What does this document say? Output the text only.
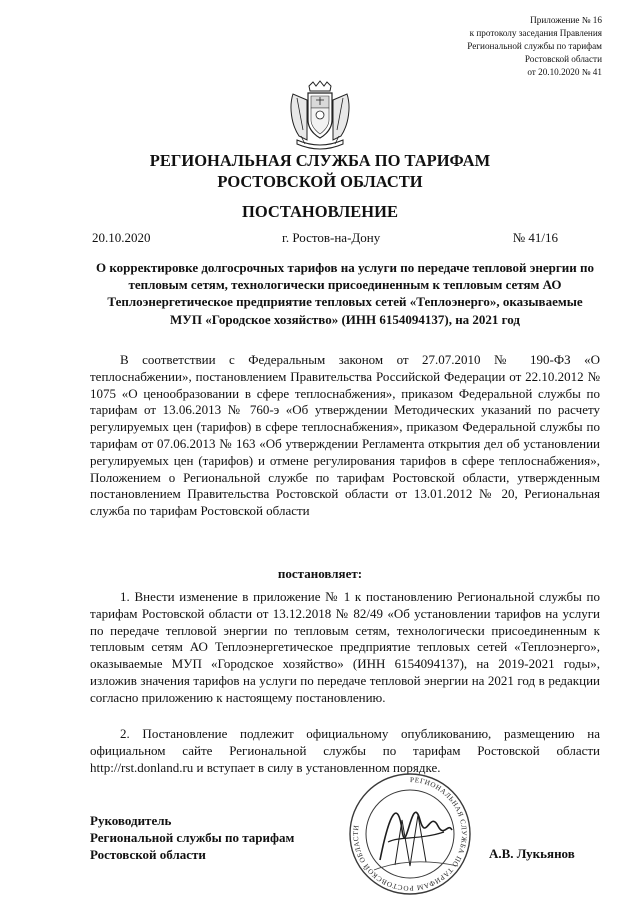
Приложение № 16
к протоколу заседания Правления
Региональной службы по тарифам
Ростовской области
от 20.10.2020 № 41
РЕГИОНАЛЬНАЯ СЛУЖБА ПО ТАРИФАМ
РОСТОВСКОЙ ОБЛАСТИ
ПОСТАНОВЛЕНИЕ
20.10.2020	г. Ростов-на-Дону	№ 41/16
О корректировке долгосрочных тарифов на услуги по передаче тепловой энергии по тепловым сетям, технологически присоединенным к тепловым сетям АО Теплоэнергетическое предприятие тепловых сетей «Теплоэнерго», оказываемые МУП «Городское хозяйство» (ИНН 6154094137), на 2021 год
В соответствии с Федеральным законом от 27.07.2010 № 190-ФЗ «О теплоснабжении», постановлением Правительства Российской Федерации от 22.10.2012 № 1075 «О ценообразовании в сфере теплоснабжения», приказом Федеральной службы по тарифам от 13.06.2013 № 760-э «Об утверждении Методических указаний по расчету регулируемых цен (тарифов) в сфере теплоснабжения», приказом Федеральной службы по тарифам от 07.06.2013 № 163 «Об утверждении Регламента открытия дел об установлении регулируемых цен (тарифов) и отмене регулирования тарифов в сфере теплоснабжения», Положением о Региональной службе по тарифам Ростовской области, утвержденным постановлением Правительства Ростовской области от 13.01.2012 № 20, Региональная служба по тарифам Ростовской области
постановляет:
1. Внести изменение в приложение № 1 к постановлению Региональной службы по тарифам Ростовской области от 13.12.2018 № 82/49 «Об установлении тарифов на услуги по передаче тепловой энергии по тепловым сетям, технологически присоединенным к тепловым сетям АО Теплоэнергетическое предприятие тепловых сетей «Теплоэнерго», оказываемые МУП «Городское хозяйство» (ИНН 6154094137), на 2019-2021 годы», изложив значения тарифов на услуги по передаче тепловой энергии на 2021 год в редакции согласно приложению к настоящему постановлению.
2. Постановление подлежит официальному опубликованию, размещению на официальном сайте Региональной службы по тарифам Ростовской области http://rst.donland.ru и вступает в силу в установленном порядке.
Руководитель
Региональной службы по тарифам
Ростовской области
РЕГИОНАЛЬНАЯ СЛУЖБА ПО ТАРИФАМ РОСТОВСКОЙ ОБЛАСТИ
А.В. Лукьянов
